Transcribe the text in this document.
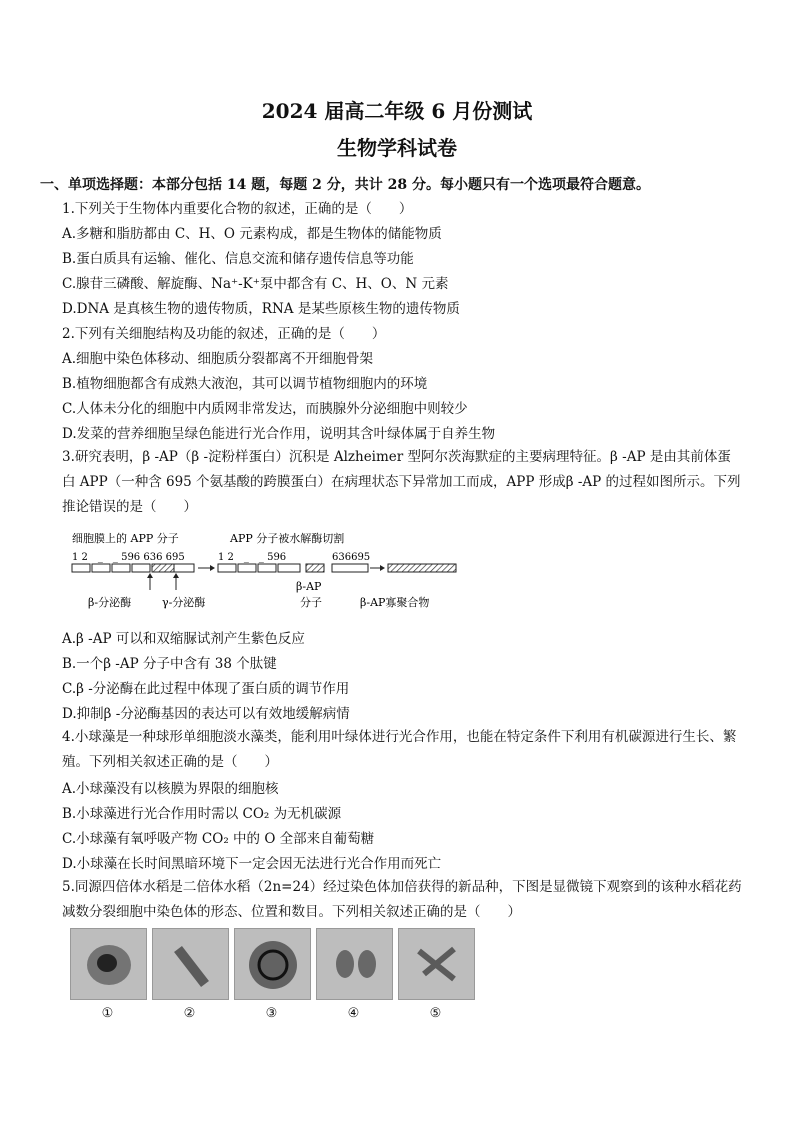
2024 届高二年级 6 月份测试
生物学科试卷
一、单项选择题：本部分包括 14 题，每题 2 分，共计 28 分。每小题只有一个选项最符合题意。
1.下列关于生物体内重要化合物的叙述，正确的是（　　）
A.多糖和脂肪都由 C、H、O 元素构成，都是生物体的储能物质
B.蛋白质具有运输、催化、信息交流和储存遗传信息等功能
C.腺苷三磷酸、解旋酶、Na⁺-K⁺泵中都含有 C、H、O、N 元素
D.DNA 是真核生物的遗传物质，RNA 是某些原核生物的遗传物质
2.下列有关细胞结构及功能的叙述，正确的是（　　）
A.细胞中染色体移动、细胞质分裂都离不开细胞骨架
B.植物细胞都含有成熟大液泡，其可以调节植物细胞内的环境
C.人体未分化的细胞中内质网非常发达，而胰腺外分泌细胞中则较少
D.发菜的营养细胞呈绿色能进行光合作用，说明其含叶绿体属于自养生物
3.研究表明，β -AP（β -淀粉样蛋白）沉积是 Alzheimer 型阿尔茨海默症的主要病理特征。β -AP 是由其前体蛋白 APP（一种含 695 个氨基酸的跨膜蛋白）在病理状态下异常加工而成，APP 形成β -AP 的过程如图所示。下列推论错误的是（　　）
细胞膜上的 APP 分子	APP 分子被水解酶切割
1 2　_　_ 596 636 695	1 2　_　_ 596	636695
β-分泌酶	γ-分泌酶
β-AP
分子	β-AP寡聚合物
A.β -AP 可以和双缩脲试剂产生紫色反应
B.一个β -AP 分子中含有 38 个肽键
C.β -分泌酶在此过程中体现了蛋白质的调节作用
D.抑制β -分泌酶基因的表达可以有效地缓解病情
4.小球藻是一种球形单细胞淡水藻类，能利用叶绿体进行光合作用，也能在特定条件下利用有机碳源进行生长、繁殖。下列相关叙述正确的是（　　）
A.小球藻没有以核膜为界限的细胞核
B.小球藻进行光合作用时需以 CO₂ 为无机碳源
C.小球藻有氧呼吸产物 CO₂ 中的 O 全部来自葡萄糖
D.小球藻在长时间黑暗环境下一定会因无法进行光合作用而死亡
5.同源四倍体水稻是二倍体水稻（2n=24）经过染色体加倍获得的新品种，下图是显微镜下观察到的该种水稻花药减数分裂细胞中染色体的形态、位置和数目。下列相关叙述正确的是（　　）
①	②	③	④	⑤
